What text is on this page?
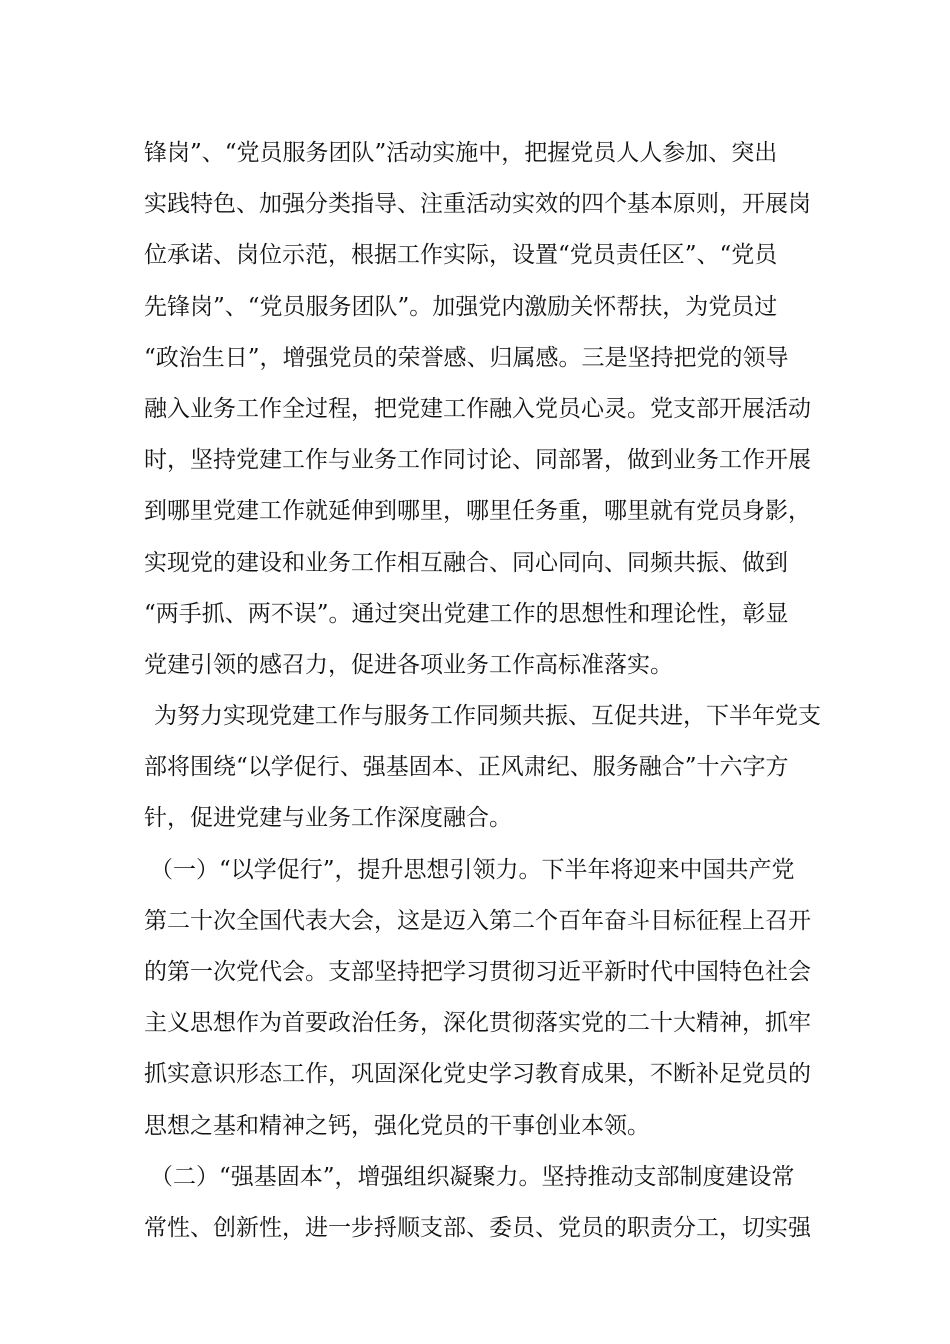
锋岗”、“党员服务团队”活动实施中，把握党员人人参加、突出
实践特色、加强分类指导、注重活动实效的四个基本原则，开展岗
位承诺、岗位示范，根据工作实际，设置“党员责任区”、“党员
先锋岗”、“党员服务团队”。加强党内激励关怀帮扶，为党员过
“政治生日”，增强党员的荣誉感、归属感。三是坚持把党的领导
融入业务工作全过程，把党建工作融入党员心灵。党支部开展活动
时，坚持党建工作与业务工作同讨论、同部署，做到业务工作开展
到哪里党建工作就延伸到哪里，哪里任务重，哪里就有党员身影，
实现党的建设和业务工作相互融合、同心同向、同频共振、做到
“两手抓、两不误”。通过突出党建工作的思想性和理论性，彰显
党建引领的感召力，促进各项业务工作高标准落实。
为努力实现党建工作与服务工作同频共振、互促共进，下半年党支
部将围绕“以学促行、强基固本、正风肃纪、服务融合”十六字方
针，促进党建与业务工作深度融合。
（一）“以学促行”，提升思想引领力。下半年将迎来中国共产党
第二十次全国代表大会，这是迈入第二个百年奋斗目标征程上召开
的第一次党代会。支部坚持把学习贯彻习近平新时代中国特色社会
主义思想作为首要政治任务，深化贯彻落实党的二十大精神，抓牢
抓实意识形态工作，巩固深化党史学习教育成果，不断补足党员的
思想之基和精神之钙，强化党员的干事创业本领。
（二）“强基固本”，增强组织凝聚力。坚持推动支部制度建设常
常性、创新性，进一步捋顺支部、委员、党员的职责分工，切实强
